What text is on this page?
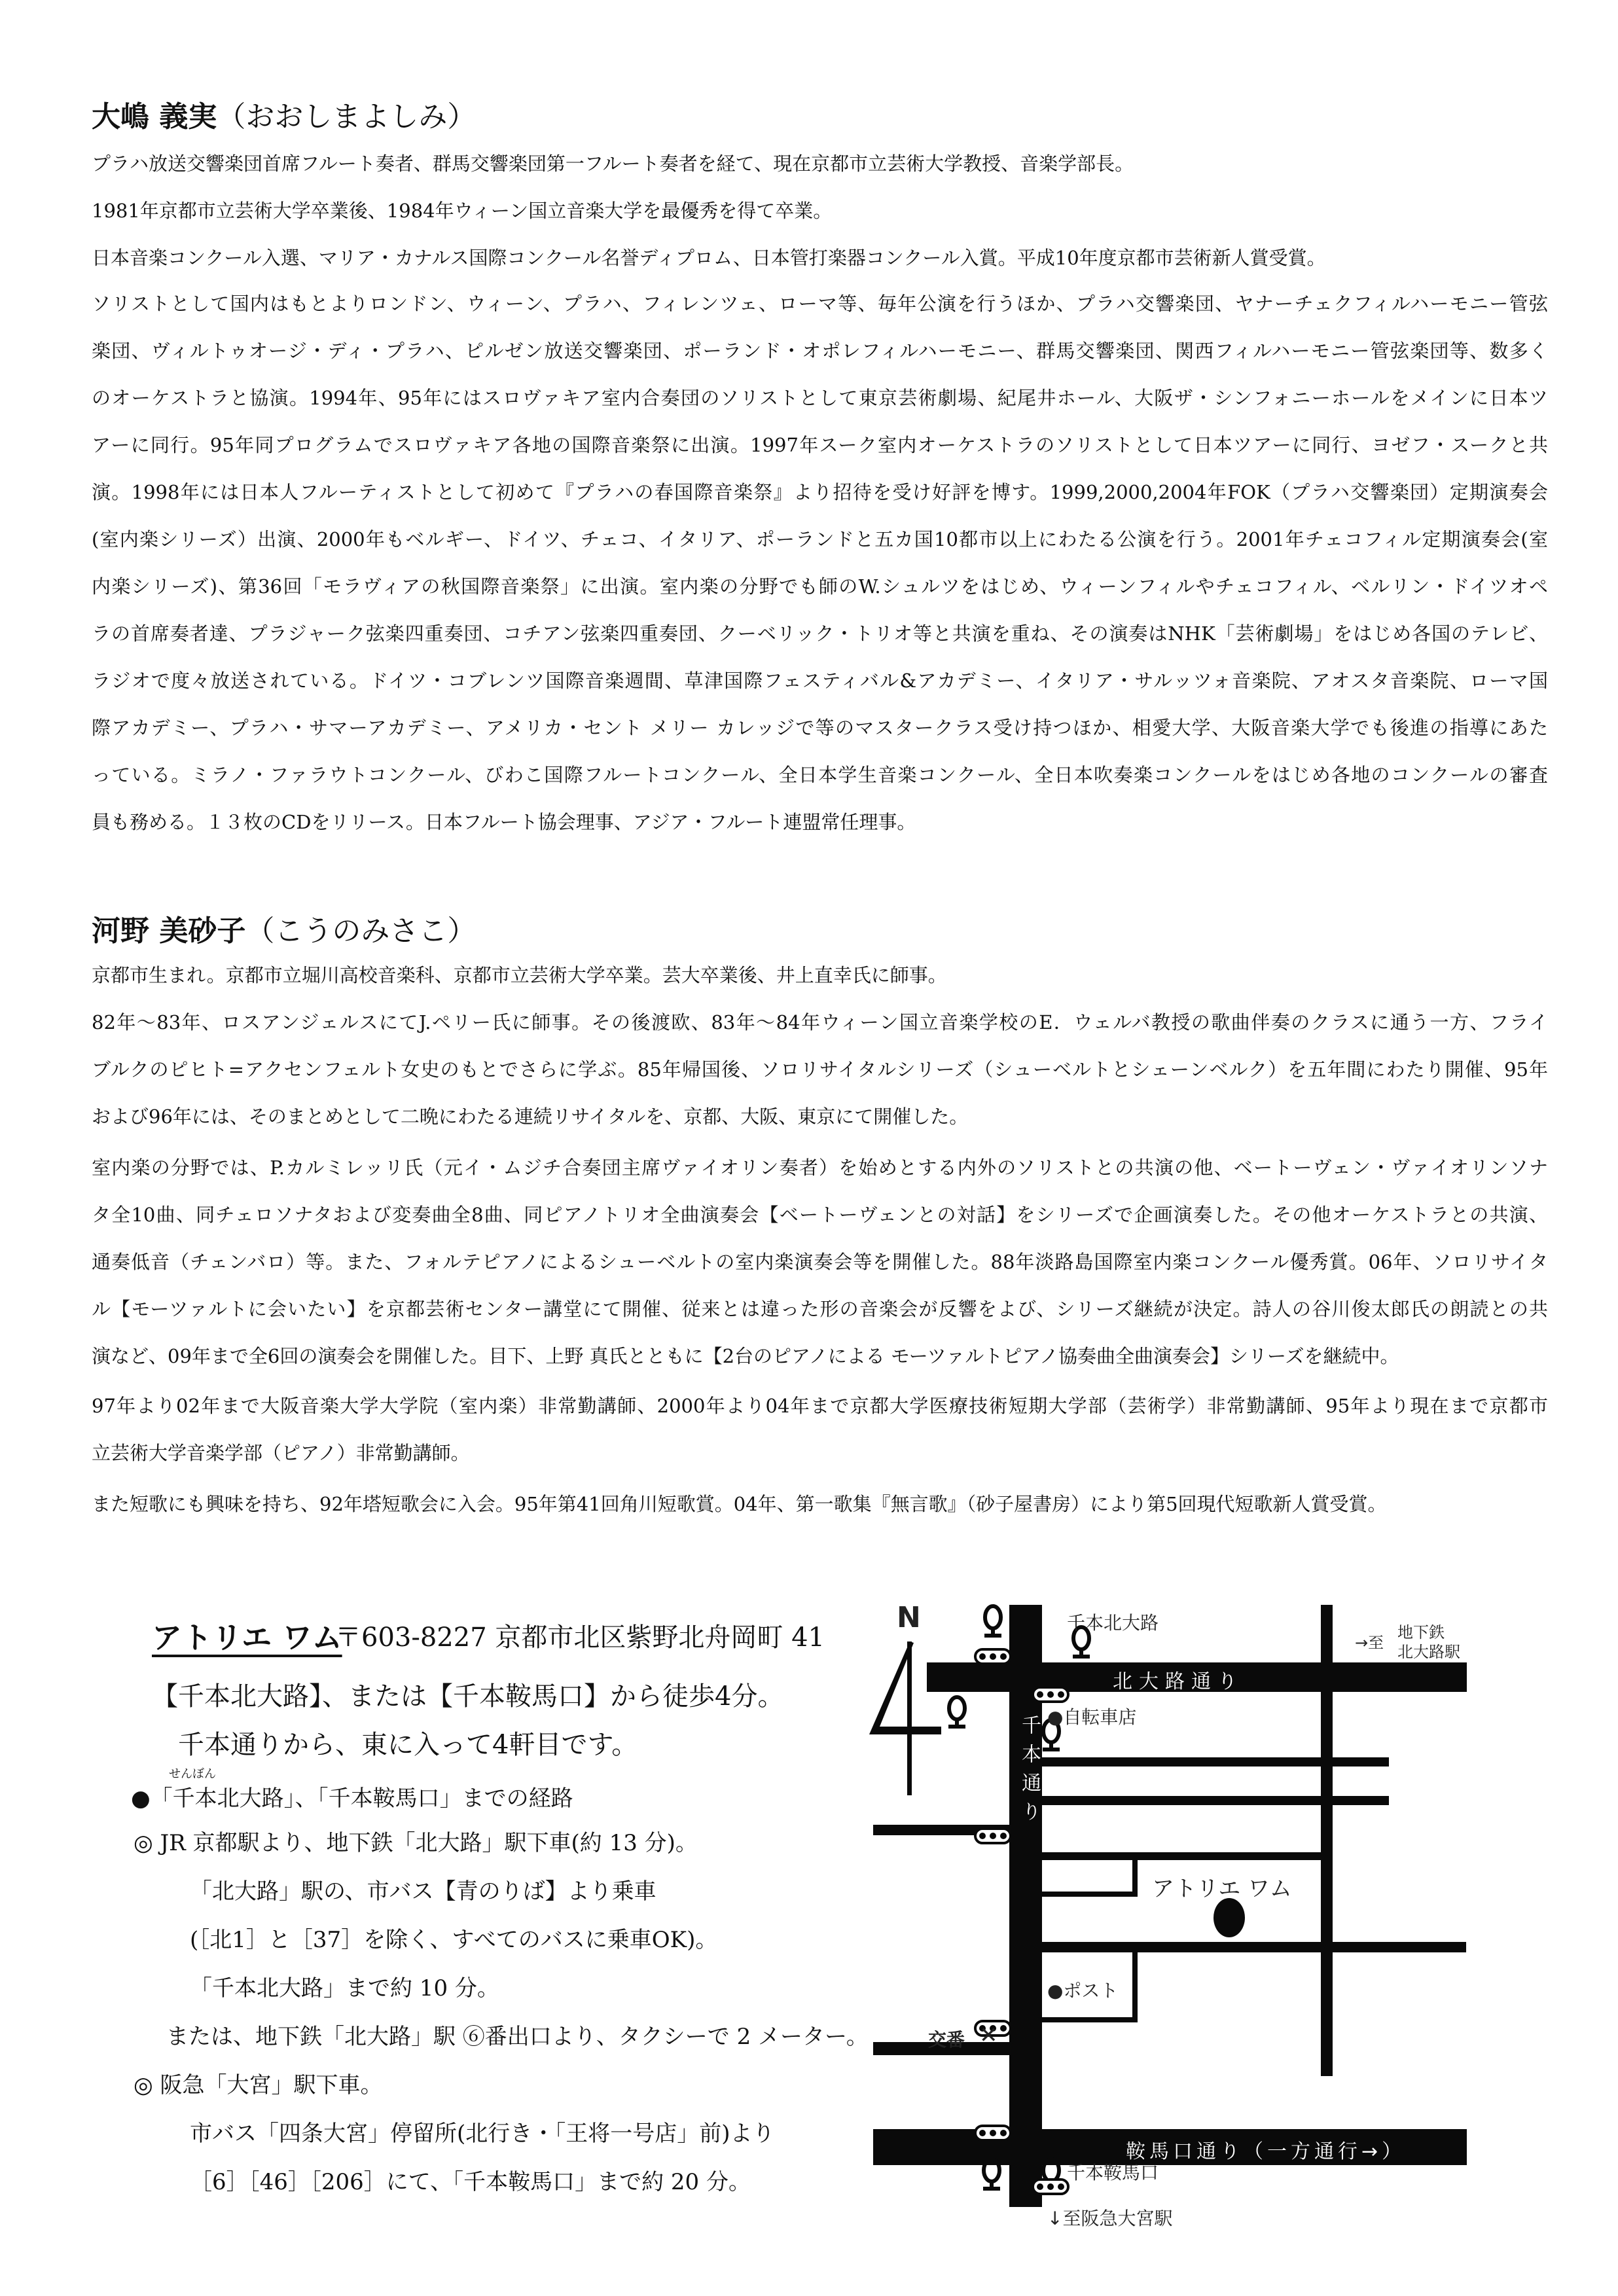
大嶋 義実（おおしまよしみ）
プラハ放送交響楽団首席フルート奏者、群馬交響楽団第一フルート奏者を経て、現在京都市立芸術大学教授、音楽学部長。
1981年京都市立芸術大学卒業後、1984年ウィーン国立音楽大学を最優秀を得て卒業。
日本音楽コンクール入選、マリア・カナルス国際コンクール名誉ディプロム、日本管打楽器コンクール入賞。平成10年度京都市芸術新人賞受賞。
ソリストとして国内はもとよりロンドン、ウィーン、プラハ、フィレンツェ、ローマ等、毎年公演を行うほか、プラハ交響楽団、ヤナーチェクフィルハーモニー管弦
楽団、ヴィルトゥオージ・ディ・プラハ、ピルゼン放送交響楽団、ポーランド・オポレフィルハーモニー、群馬交響楽団、関西フィルハーモニー管弦楽団等、数多く
のオーケストラと協演。1994年、95年にはスロヴァキア室内合奏団のソリストとして東京芸術劇場、紀尾井ホール、大阪ザ・シンフォニーホールをメインに日本ツ
アーに同行。95年同プログラムでスロヴァキア各地の国際音楽祭に出演。1997年スーク室内オーケストラのソリストとして日本ツアーに同行、ヨゼフ・スークと共
演。1998年には日本人フルーティストとして初めて『プラハの春国際音楽祭』より招待を受け好評を博す。1999,2000,2004年FOK（プラハ交響楽団）定期演奏会
(室内楽シリーズ）出演、2000年もベルギー、ドイツ、チェコ、イタリア、ポーランドと五カ国10都市以上にわたる公演を行う。2001年チェコフィル定期演奏会(室
内楽シリーズ)、第36回「モラヴィアの秋国際音楽祭」に出演。室内楽の分野でも師のW.シュルツをはじめ、ウィーンフィルやチェコフィル、ベルリン・ドイツオペ
ラの首席奏者達、プラジャーク弦楽四重奏団、コチアン弦楽四重奏団、クーベリック・トリオ等と共演を重ね、その演奏はNHK「芸術劇場」をはじめ各国のテレビ、
ラジオで度々放送されている。ドイツ・コブレンツ国際音楽週間、草津国際フェスティバル&アカデミー、イタリア・サルッツォ音楽院、アオスタ音楽院、ローマ国
際アカデミー、プラハ・サマーアカデミー、アメリカ・セント メリー カレッジで等のマスタークラス受け持つほか、相愛大学、大阪音楽大学でも後進の指導にあた
っている。ミラノ・ファラウトコンクール、びわこ国際フルートコンクール、全日本学生音楽コンクール、全日本吹奏楽コンクールをはじめ各地のコンクールの審査
員も務める。１３枚のCDをリリース。日本フルート協会理事、アジア・フルート連盟常任理事。
河野 美砂子（こうのみさこ）
京都市生まれ。京都市立堀川高校音楽科、京都市立芸術大学卒業。芸大卒業後、井上直幸氏に師事。
82年〜83年、ロスアンジェルスにてJ.ペリー氏に師事。その後渡欧、83年〜84年ウィーン国立音楽学校のE．ウェルバ教授の歌曲伴奏のクラスに通う一方、フライ
ブルクのピヒト=アクセンフェルト女史のもとでさらに学ぶ。85年帰国後、ソロリサイタルシリーズ（シューベルトとシェーンベルク）を五年間にわたり開催、95年
および96年には、そのまとめとして二晩にわたる連続リサイタルを、京都、大阪、東京にて開催した。
室内楽の分野では、P.カルミレッリ氏（元イ・ムジチ合奏団主席ヴァイオリン奏者）を始めとする内外のソリストとの共演の他、ベートーヴェン・ヴァイオリンソナ
タ全10曲、同チェロソナタおよび変奏曲全8曲、同ピアノトリオ全曲演奏会【ベートーヴェンとの対話】をシリーズで企画演奏した。その他オーケストラとの共演、
通奏低音（チェンバロ）等。また、フォルテピアノによるシューベルトの室内楽演奏会等を開催した。88年淡路島国際室内楽コンクール優秀賞。06年、ソロリサイタ
ル【モーツァルトに会いたい】を京都芸術センター講堂にて開催、従来とは違った形の音楽会が反響をよび、シリーズ継続が決定。詩人の谷川俊太郎氏の朗読との共
演など、09年まで全6回の演奏会を開催した。目下、上野 真氏とともに【2台のピアノによる モーツァルトピアノ協奏曲全曲演奏会】シリーズを継続中。
97年より02年まで大阪音楽大学大学院（室内楽）非常勤講師、2000年より04年まで京都大学医療技術短期大学部（芸術学）非常勤講師、95年より現在まで京都市
立芸術大学音楽学部（ピアノ）非常勤講師。
また短歌にも興味を持ち、92年塔短歌会に入会。95年第41回角川短歌賞。04年、第一歌集『無言歌』（砂子屋書房）により第5回現代短歌新人賞受賞。
アトリエ ワム
〒603-8227 京都市北区紫野北舟岡町 41
【千本北大路】、または【千本鞍馬口】から徒歩4分。
千本通りから、東に入って4軒目です。
せんぼん
●「千本北大路」、「千本鞍馬口」までの経路
◎ JR 京都駅より、地下鉄「北大路」駅下車(約 13 分)。
「北大路」駅の、市バス【青のりば】より乗車
(［北1］と［37］を除く、すべてのバスに乗車OK)。
「千本北大路」まで約 10 分。
または、地下鉄「北大路」駅 ⑥番出口より、タクシーで 2 メーター。
◎ 阪急「大宮」駅下車。
市バス「四条大宮」停留所(北行き・「王将一号店」前)より
［6］［46］［206］にて、「千本鞍馬口」まで約 20 分。
N	千本北大路
→至
地下鉄
北大路駅
北大路通り
千本通り ●自転車店
アトリエ ワム
●ポスト
交番 ✕
千本鞍馬口
鞍馬口通り（一方通行→）
↓至阪急大宮駅
